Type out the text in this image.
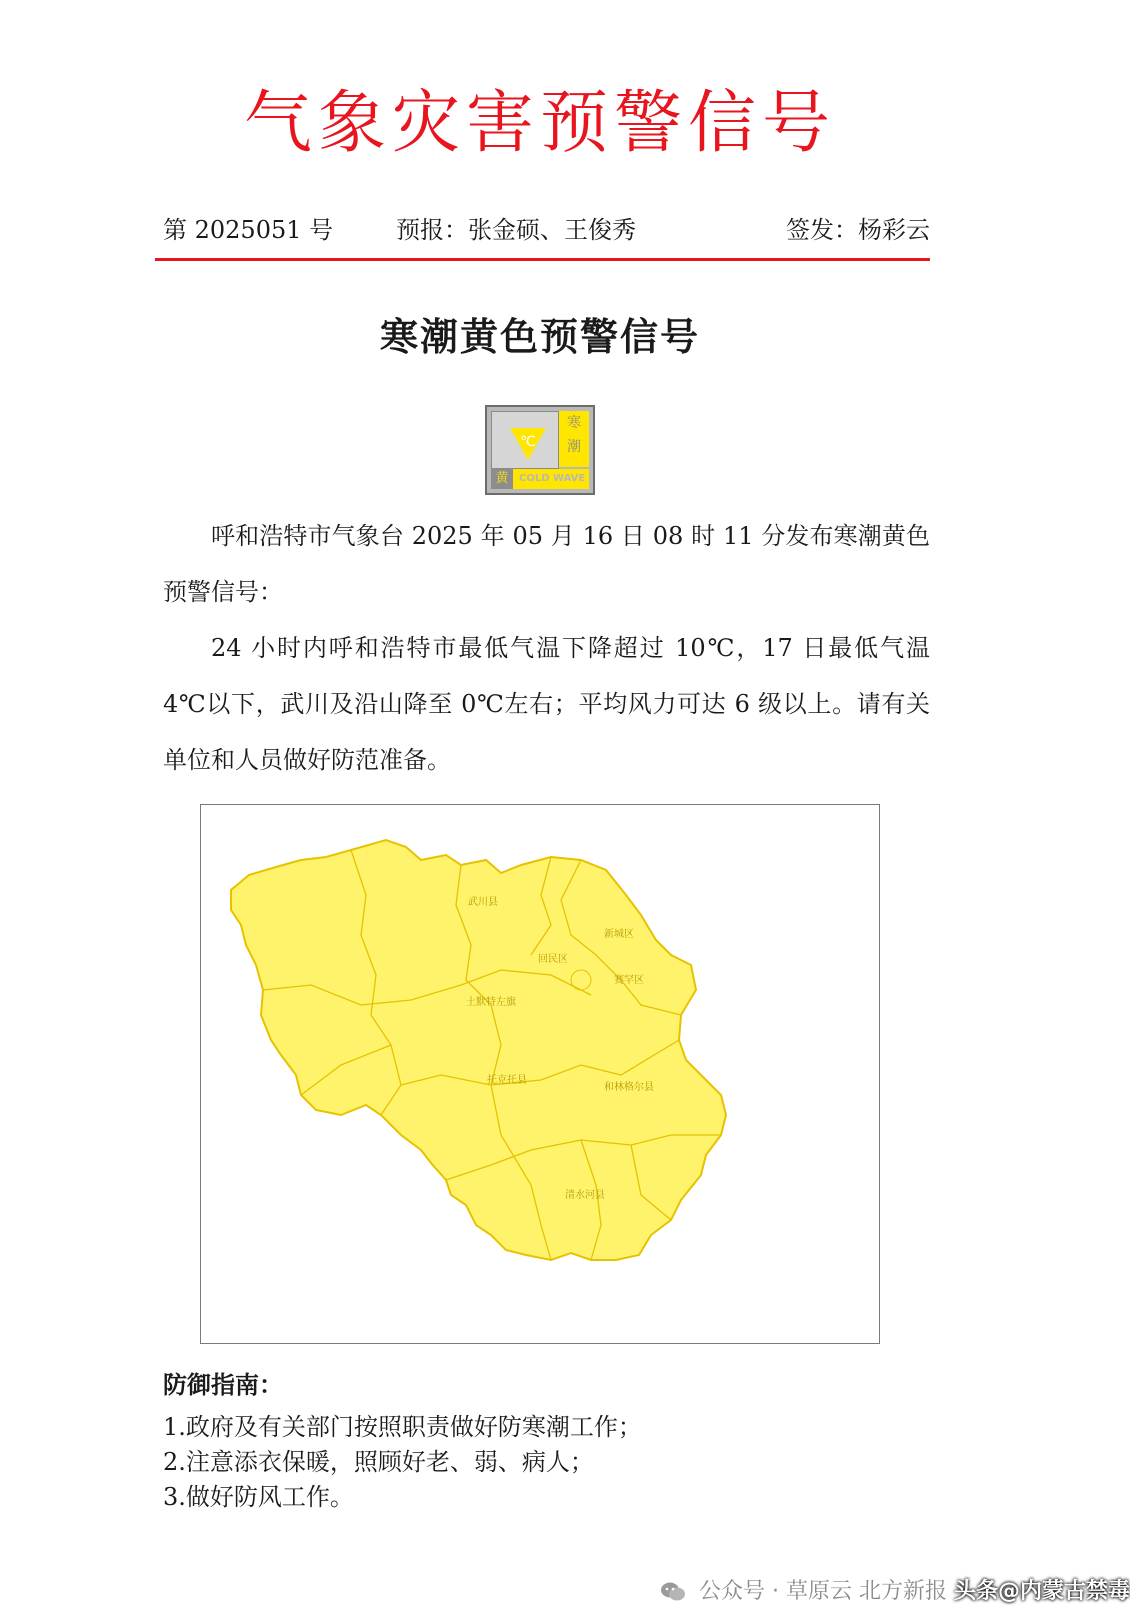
气象灾害预警信号
第 2025051 号	预报：张金硕、王俊秀	签发：杨彩云
寒潮黄色预警信号
℃
寒
潮
黄	COLD WAVE

呼和浩特市气象台 2025 年 05 月 16 日 08 时 11 分发布寒潮黄色预警信号：

24 小时内呼和浩特市最低气温下降超过 10℃，17 日最低气温 4℃以下，武川及沿山降至 0℃左右；平均风力可达 6 级以上。请有关单位和人员做好防范准备。

武川县
新城区
回民区
赛罕区
土默特左旗
托克托县
和林格尔县
清水河县
防御指南：
1.政府及有关部门按照职责做好防寒潮工作；
2.注意添衣保暖，照顾好老、弱、病人；
3.做好防风工作。
公众号 · 草原云 北方新报 头条@内蒙古禁毒
